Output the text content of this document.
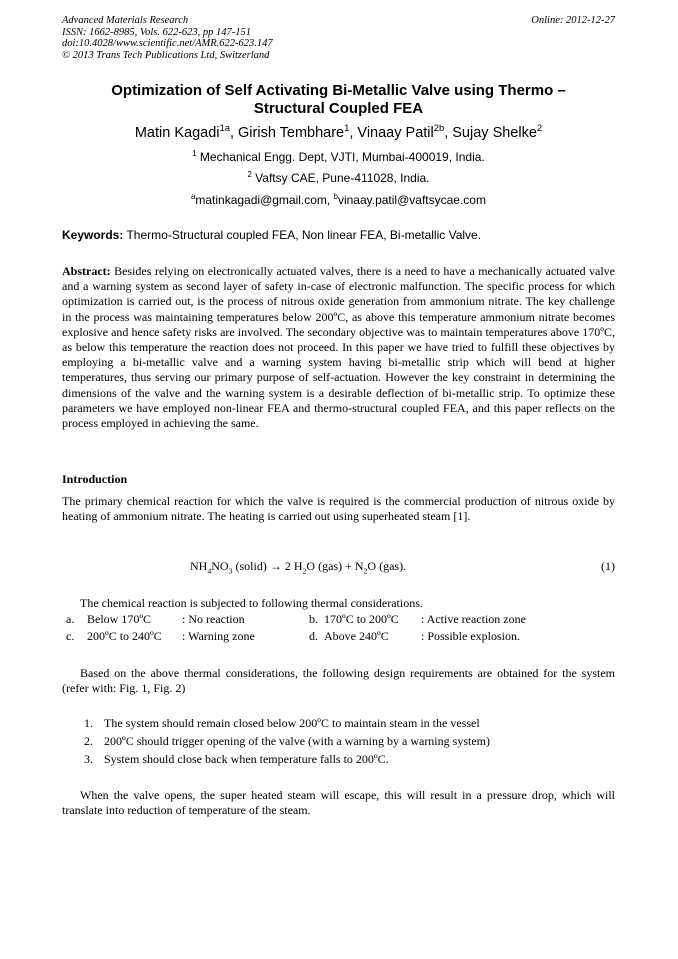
Advanced Materials Research
ISSN: 1662-8985, Vols. 622-623, pp 147-151
doi:10.4028/www.scientific.net/AMR.622-623.147
© 2013 Trans Tech Publications Ltd, Switzerland
Online: 2012-12-27
Optimization of Self Activating Bi-Metallic Valve using Thermo –
Structural Coupled FEA
Matin Kagadi$^{1a}$, Girish Tembhare$^1$, Vinaay Patil$^{2b}$, Sujay Shelke$^2$
$^1$ Mechanical Engg. Dept, VJTI, Mumbai-400019, India.
$^2$ Vaftsy CAE, Pune-411028, India.
$^a$matinkagadi@gmail.com, $^b$vinaay.patil@vaftsycae.com
Keywords: Thermo-Structural coupled FEA, Non linear FEA, Bi-metallic Valve.
Abstract: Besides relying on electronically actuated valves, there is a need to have a mechanically actuated valve and a warning system as second layer of safety in-case of electronic malfunction. The specific process for which optimization is carried out, is the process of nitrous oxide generation from ammonium nitrate. The key challenge in the process was maintaining temperatures below 200ºC, as above this temperature ammonium nitrate becomes explosive and hence safety risks are involved. The secondary objective was to maintain temperatures above 170ºC, as below this temperature the reaction does not proceed. In this paper we have tried to fulfill these objectives by employing a bi-metallic valve and a warning system having bi-metallic strip which will bend at higher temperatures, thus serving our primary purpose of self-actuation. However the key constraint in determining the dimensions of the valve and the warning system is a desirable deflection of bi-metallic strip. To optimize these parameters we have employed non-linear FEA and thermo-structural coupled FEA, and this paper reflects on the process employed in achieving the same.
Introduction
The primary chemical reaction for which the valve is required is the commercial production of nitrous oxide by heating of ammonium nitrate. The heating is carried out using superheated steam [1].
$NH_4NO_3$ (solid) → 2 $H_2O$ $(gas) + N_2O$ (gas).	(1)
The chemical reaction is subjected to following thermal considerations.
a. Below 170ºC	: No reaction	b. 170ºC to 200ºC : Active reaction zone
c. 200ºC to 240ºC : Warning zone	d. Above 240ºC	: Possible explosion.
Based on the above thermal considerations, the following design requirements are obtained for the system (refer with: Fig. 1, Fig. 2)
1. The system should remain closed below 200ºC to maintain steam in the vessel
2. 200ºC should trigger opening of the valve (with a warning by a warning system)
3. System should close back when temperature falls to 200ºC.
When the valve opens, the super heated steam will escape, this will result in a pressure drop, which will translate into reduction of temperature of the steam.
